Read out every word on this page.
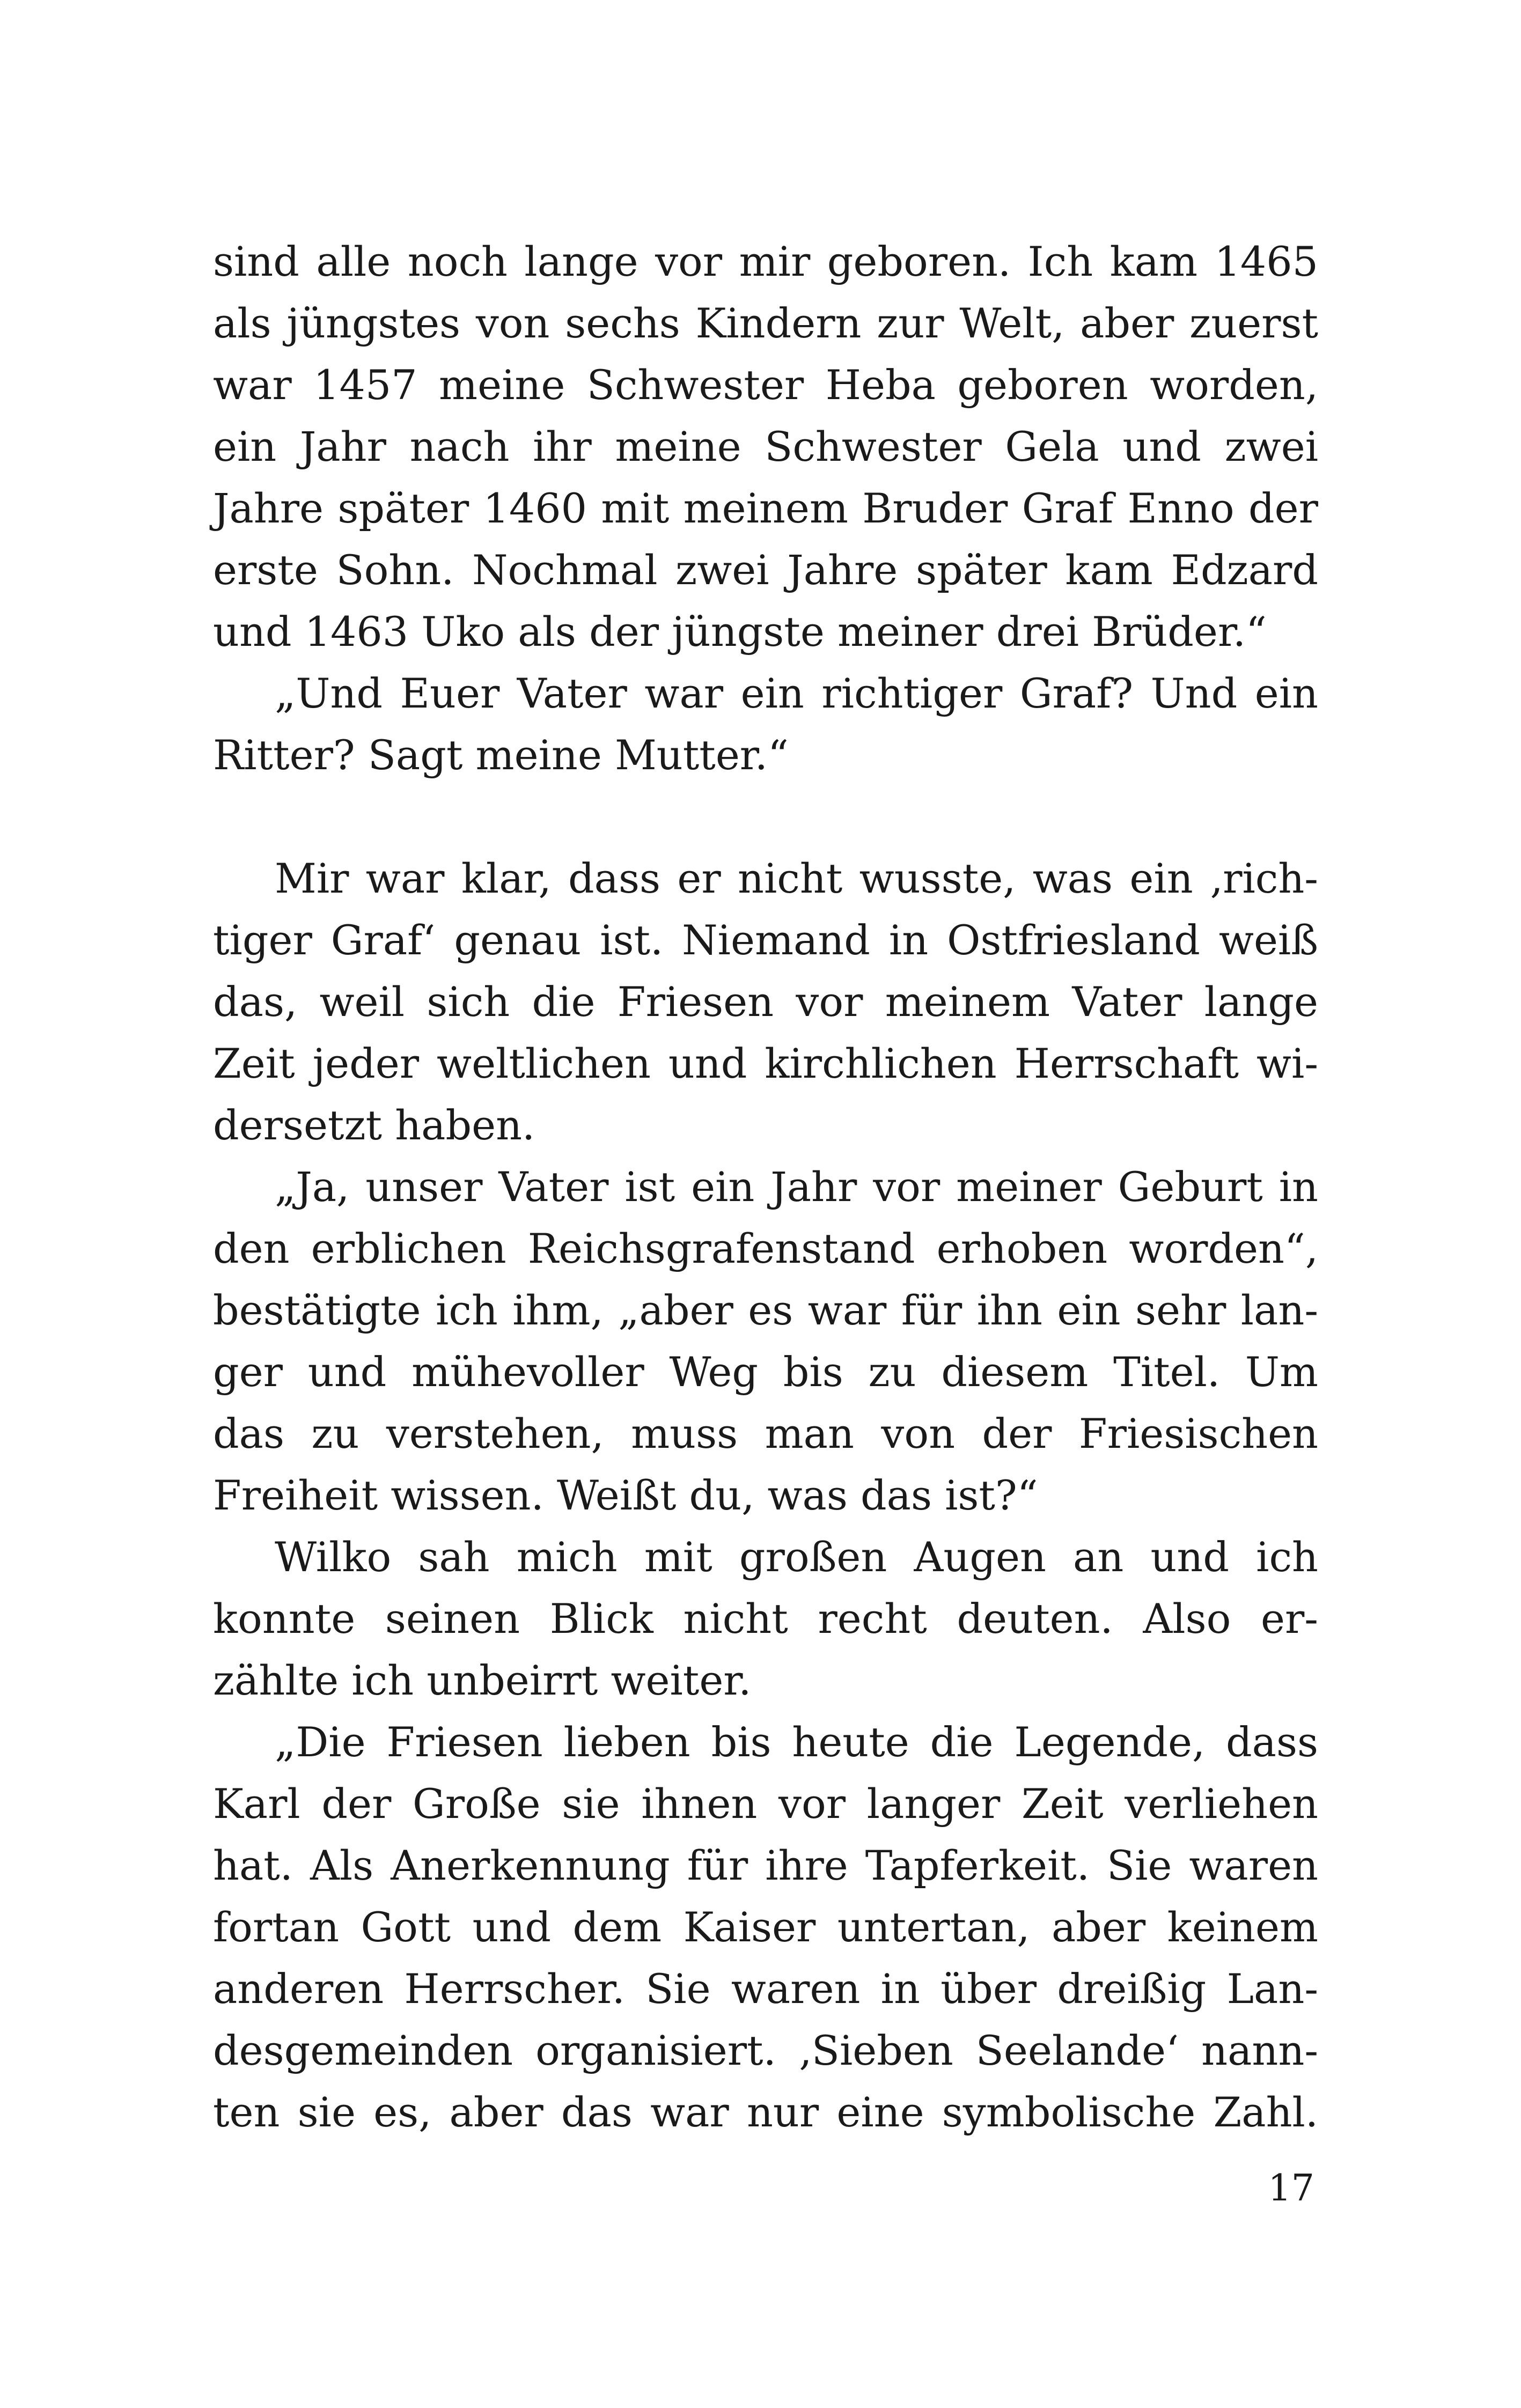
sind alle noch lange vor mir geboren. Ich kam 1465
als jüngstes von sechs Kindern zur Welt, aber zuerst
war 1457 meine Schwester Heba geboren worden,
ein Jahr nach ihr meine Schwester Gela und zwei
Jahre später 1460 mit meinem Bruder Graf Enno der
erste Sohn. Nochmal zwei Jahre später kam Edzard
und 1463 Uko als der jüngste meiner drei Brüder.“
„Und Euer Vater war ein richtiger Graf? Und ein
Ritter? Sagt meine Mutter.“
Mir war klar, dass er nicht wusste, was ein ‚rich-
tiger Graf‘ genau ist. Niemand in Ostfriesland weiß
das, weil sich die Friesen vor meinem Vater lange
Zeit jeder weltlichen und kirchlichen Herrschaft wi-
dersetzt haben.
„Ja, unser Vater ist ein Jahr vor meiner Geburt in
den erblichen Reichsgrafenstand erhoben worden“,
bestätigte ich ihm, „aber es war für ihn ein sehr lan-
ger und mühevoller Weg bis zu diesem Titel. Um
das zu verstehen, muss man von der Friesischen
Freiheit wissen. Weißt du, was das ist?“
Wilko sah mich mit großen Augen an und ich
konnte seinen Blick nicht recht deuten. Also er-
zählte ich unbeirrt weiter.
„Die Friesen lieben bis heute die Legende, dass
Karl der Große sie ihnen vor langer Zeit verliehen
hat. Als Anerkennung für ihre Tapferkeit. Sie waren
fortan Gott und dem Kaiser untertan, aber keinem
anderen Herrscher. Sie waren in über dreißig Lan-
desgemeinden organisiert. ‚Sieben Seelande‘ nann-
ten sie es, aber das war nur eine symbolische Zahl.
17
